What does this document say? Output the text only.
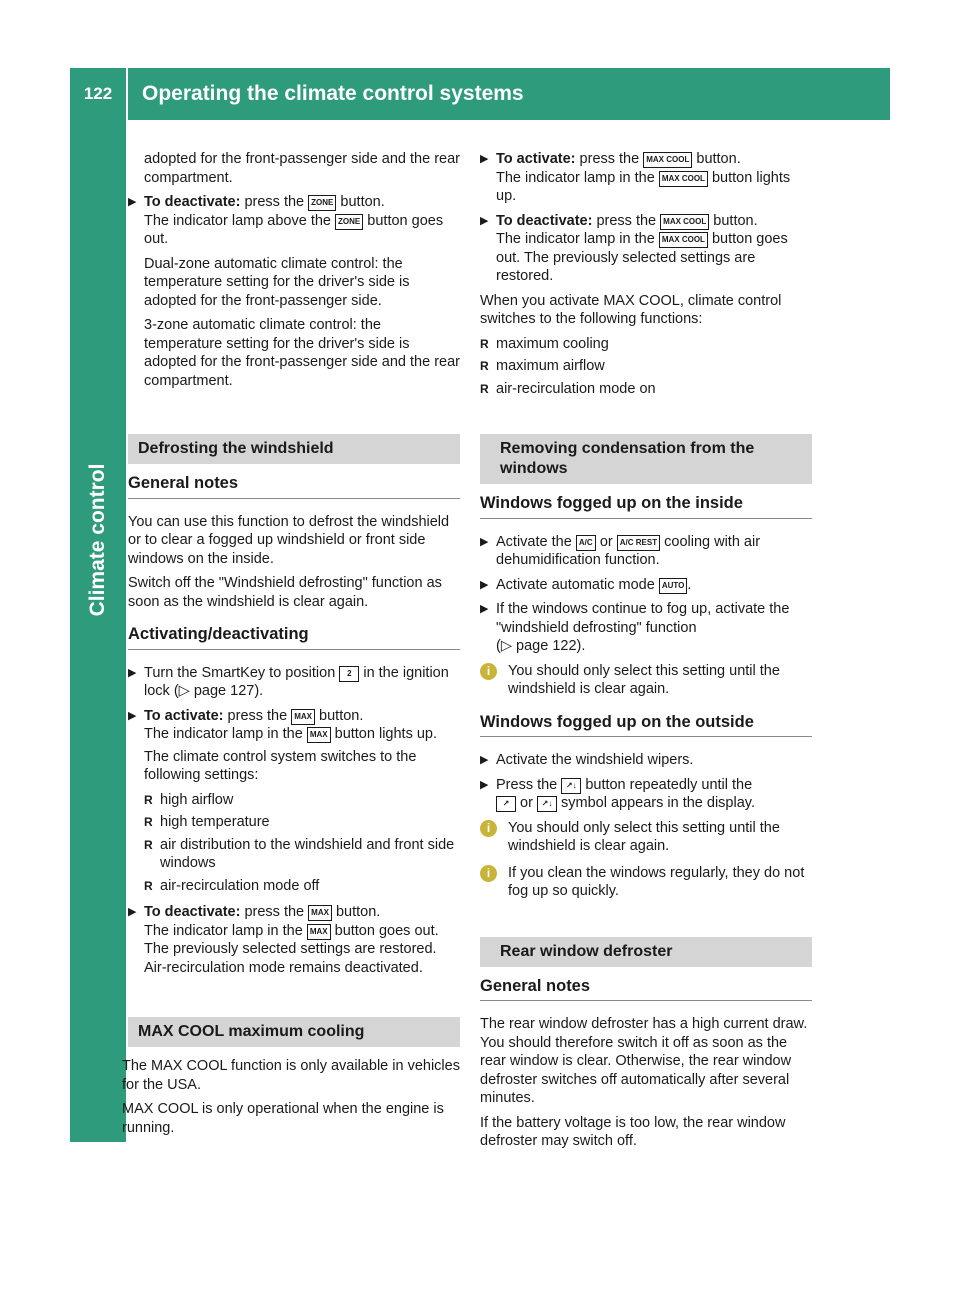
122	Operating the climate control systems
Climate control
adopted for the front-passenger side and the rear compartment.
▶ To deactivate: press the ZONE button.
The indicator lamp above the ZONE button goes out.
Dual-zone automatic climate control: the temperature setting for the driver's side is adopted for the front-passenger side.
3-zone automatic climate control: the temperature setting for the driver's side is adopted for the front-passenger side and the rear compartment.
Defrosting the windshield
General notes
You can use this function to defrost the windshield or to clear a fogged up windshield or front side windows on the inside.
Switch off the "Windshield defrosting" function as soon as the windshield is clear again.
Activating/deactivating
▶ Turn the SmartKey to position 2 in the ignition lock (▷ page 127).
▶ To activate: press the MAX button.
The indicator lamp in the MAX button lights up.
The climate control system switches to the following settings:
R high airflow
R high temperature
R air distribution to the windshield and front side windows
R air-recirculation mode off
▶ To deactivate: press the MAX button.
The indicator lamp in the MAX button goes out. The previously selected settings are restored. Air-recirculation mode remains deactivated.
MAX COOL maximum cooling
The MAX COOL function is only available in vehicles for the USA.
MAX COOL is only operational when the engine is running.
▶ To activate: press the MAX COOL button.
The indicator lamp in the MAX COOL button lights up.
▶ To deactivate: press the MAX COOL button.
The indicator lamp in the MAX COOL button goes out. The previously selected settings are restored.
When you activate MAX COOL, climate control switches to the following functions:
R maximum cooling
R maximum airflow
R air-recirculation mode on
Removing condensation from the windows
Windows fogged up on the inside
▶ Activate the A/C or A/C REST cooling with air dehumidification function.
▶ Activate automatic mode AUTO .
▶ If the windows continue to fog up, activate the "windshield defrosting" function
(▷ page 122).
i	You should only select this setting until the windshield is clear again.
Windows fogged up on the outside
▶ Activate the windshield wipers.
▶ Press the ↗↓ button repeatedly until the
↗ or ↗↓ symbol appears in the display.
i	You should only select this setting until the windshield is clear again.
i	If you clean the windows regularly, they do not fog up so quickly.
Rear window defroster
General notes
The rear window defroster has a high current draw. You should therefore switch it off as soon as the rear window is clear. Otherwise, the rear window defroster switches off automatically after several minutes.
If the battery voltage is too low, the rear window defroster may switch off.
